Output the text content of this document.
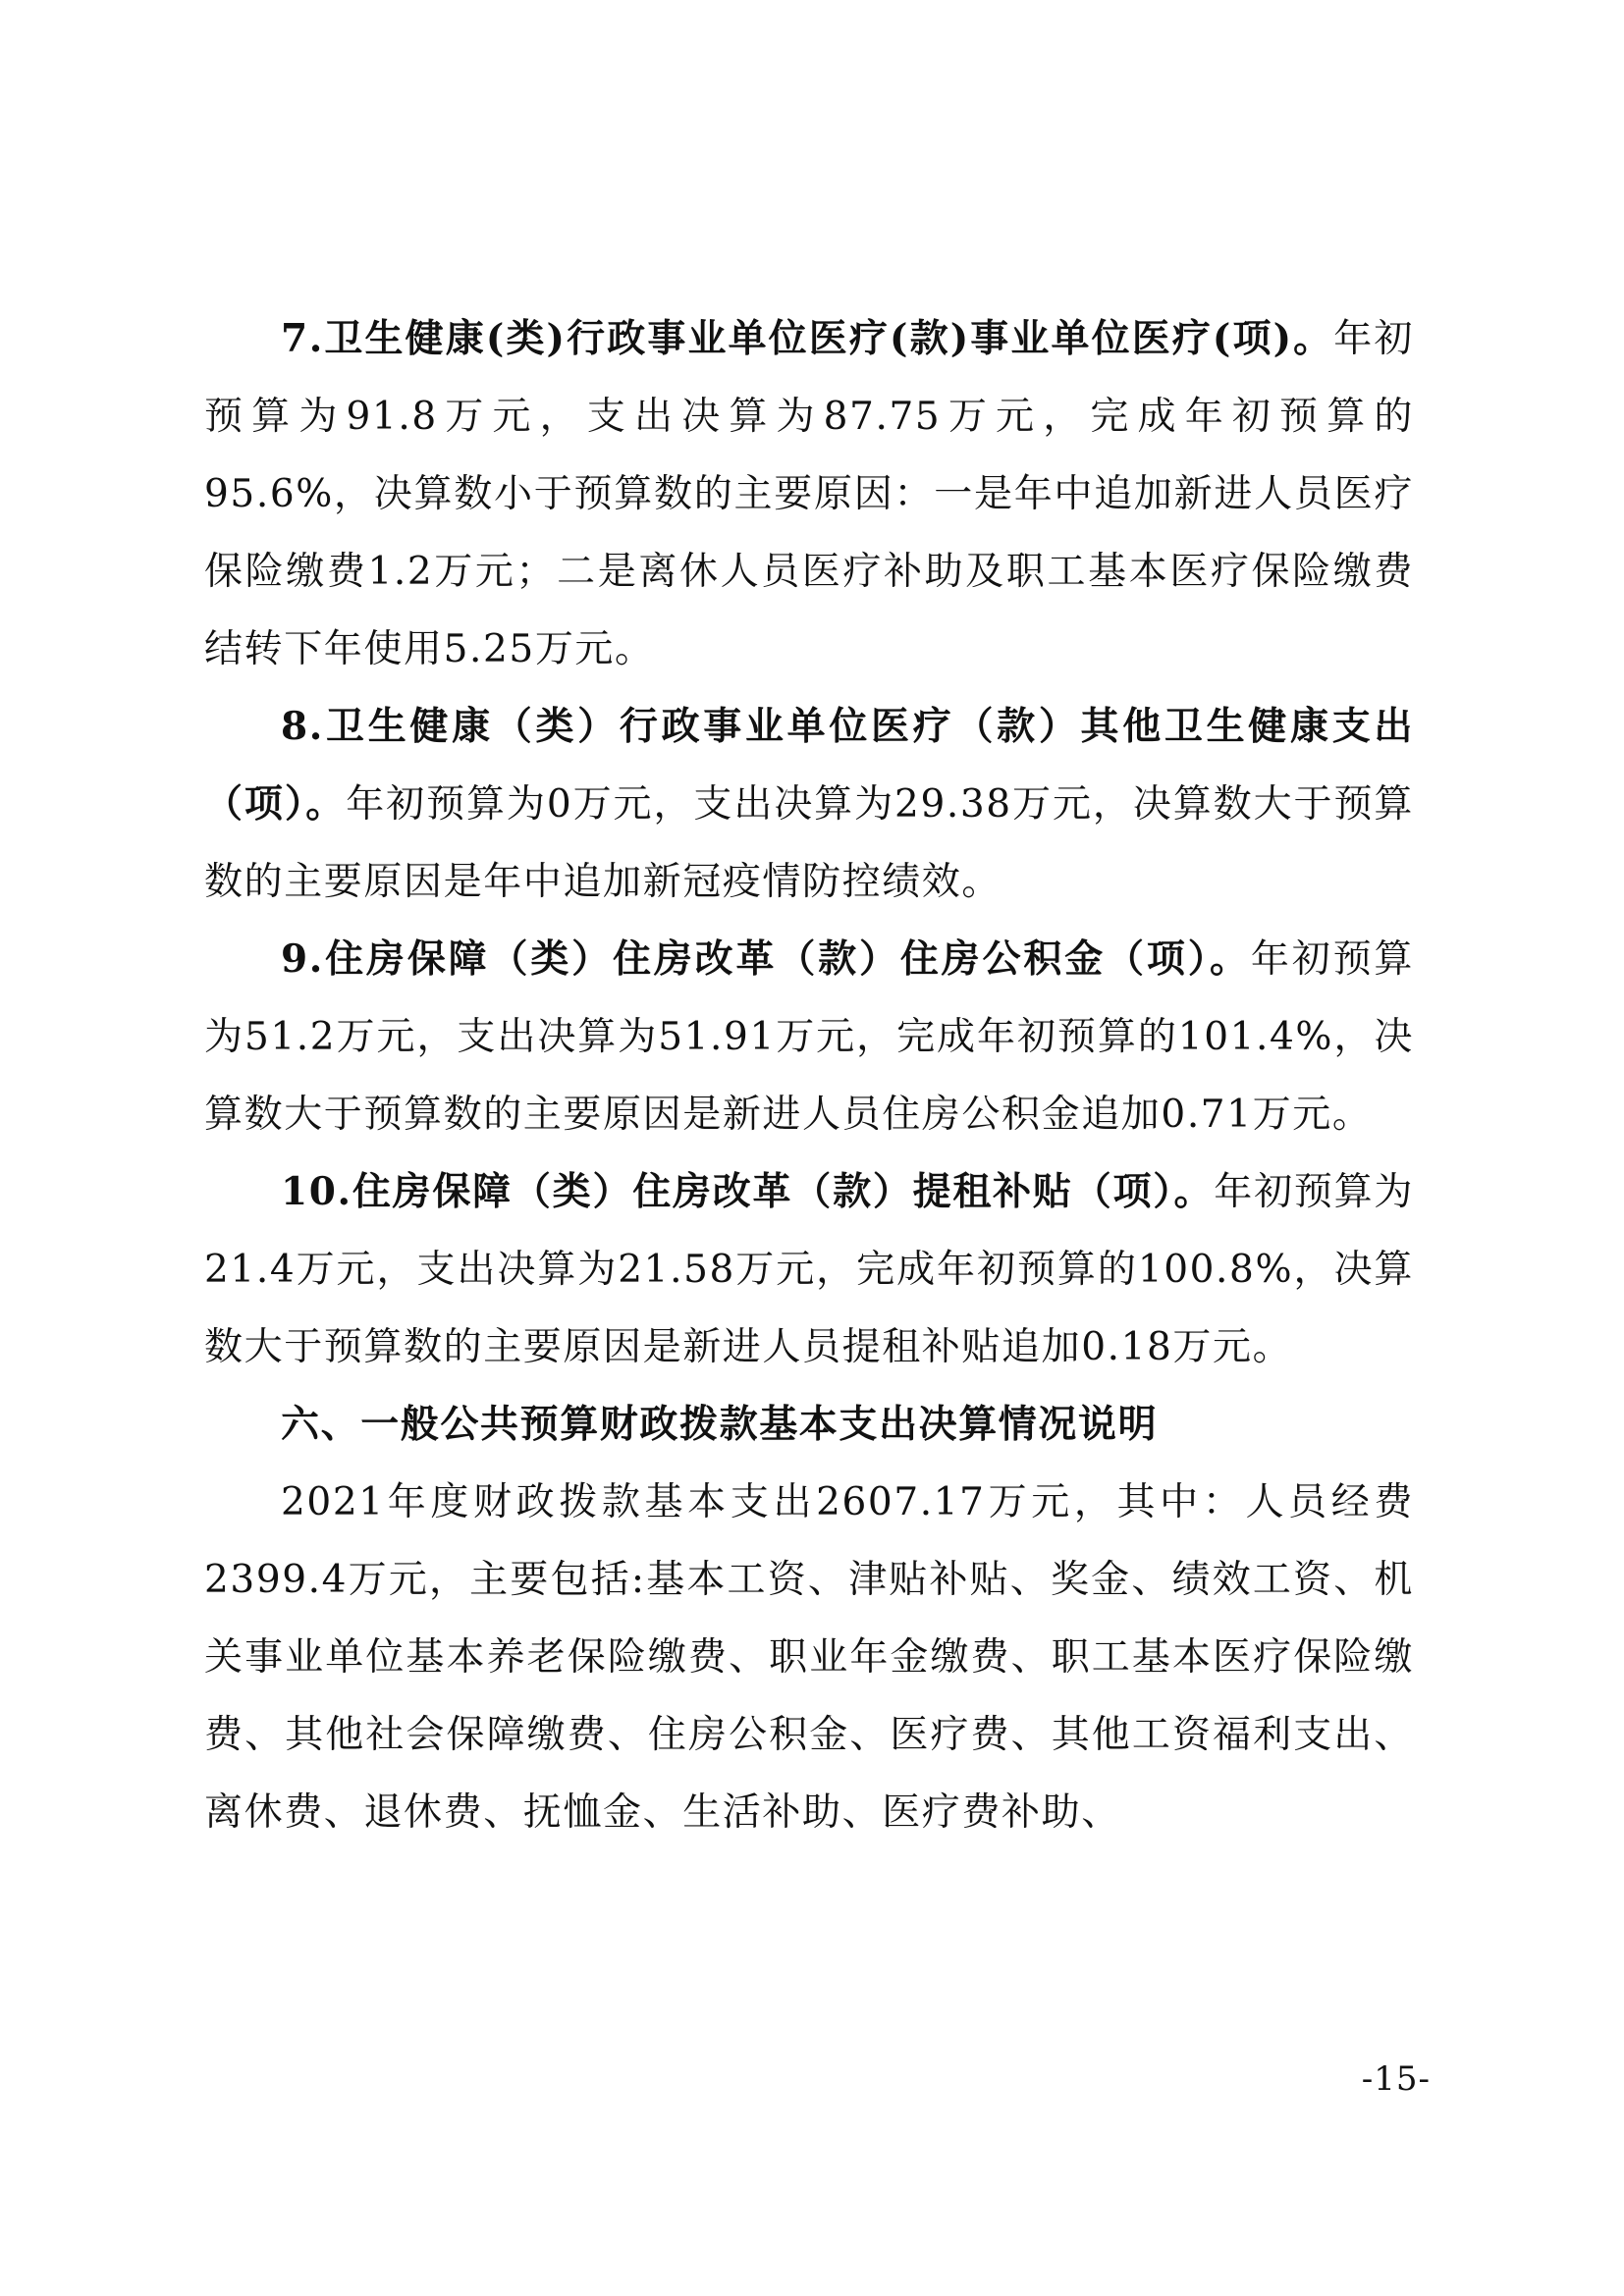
7.卫生健康(类)行政事业单位医疗(款)事业单位医疗(项)。年初预算为91.8万元，支出决算为87.75万元，完成年初预算的95.6%，决算数小于预算数的主要原因：一是年中追加新进人员医疗保险缴费1.2万元；二是离休人员医疗补助及职工基本医疗保险缴费结转下年使用5.25万元。

8.卫生健康（类）行政事业单位医疗（款）其他卫生健康支出（项）。年初预算为0万元，支出决算为29.38万元，决算数大于预算数的主要原因是年中追加新冠疫情防控绩效。

9.住房保障（类）住房改革（款）住房公积金（项）。年初预算为51.2万元，支出决算为51.91万元，完成年初预算的101.4%，决算数大于预算数的主要原因是新进人员住房公积金追加0.71万元。

10.住房保障（类）住房改革（款）提租补贴（项）。年初预算为21.4万元，支出决算为21.58万元，完成年初预算的100.8%，决算数大于预算数的主要原因是新进人员提租补贴追加0.18万元。

六、一般公共预算财政拨款基本支出决算情况说明

2021年度财政拨款基本支出2607.17万元，其中：人员经费2399.4万元，主要包括:基本工资、津贴补贴、奖金、绩效工资、机关事业单位基本养老保险缴费、职业年金缴费、职工基本医疗保险缴费、其他社会保障缴费、住房公积金、医疗费、其他工资福利支出、离休费、退休费、抚恤金、生活补助、医疗费补助、

-15-
